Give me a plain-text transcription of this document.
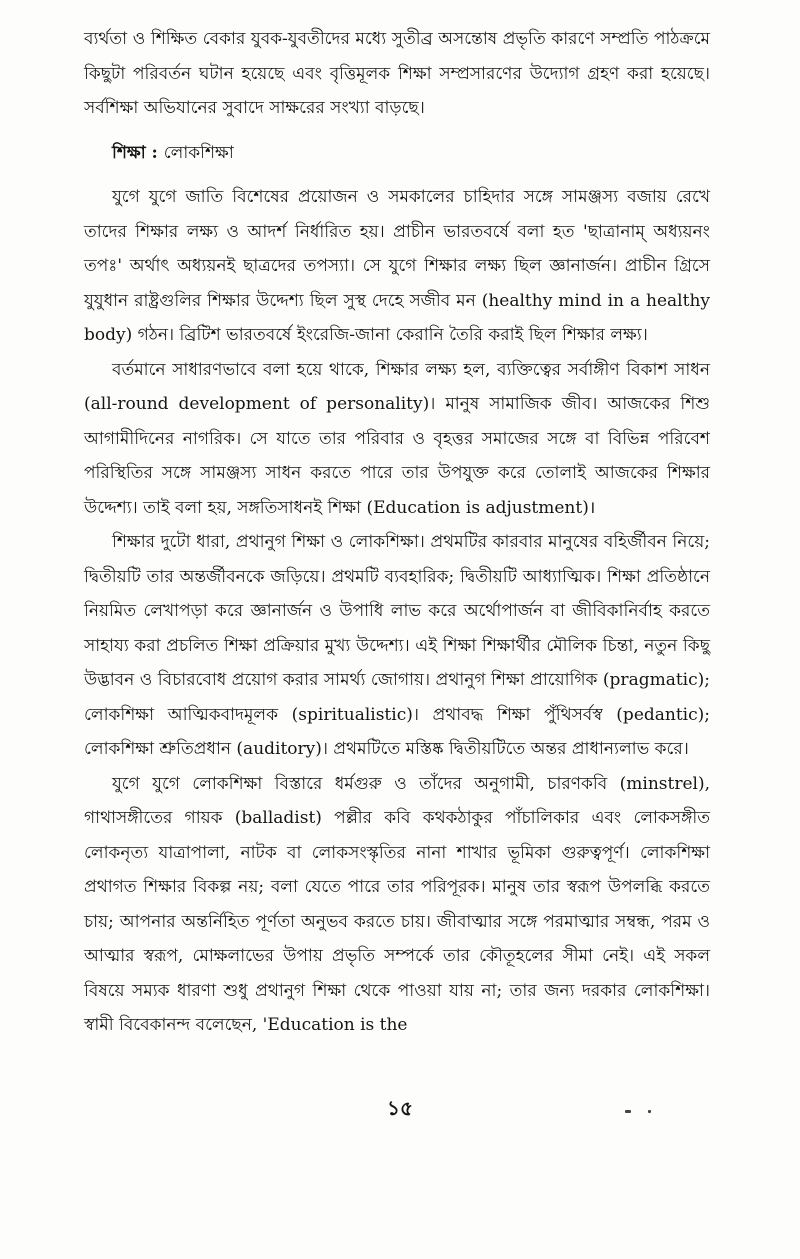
ব্যর্থতা ও শিক্ষিত বেকার যুবক-যুবতীদের মধ্যে সুতীব্র অসন্তোষ প্রভৃতি কারণে সম্প্রতি পাঠক্রমে কিছুটা পরিবর্তন ঘটান হয়েছে এবং বৃত্তিমূলক শিক্ষা সম্প্রসারণের উদ্যোগ গ্রহণ করা হয়েছে। সর্বশিক্ষা অভিযানের সুবাদে সাক্ষরের সংখ্যা বাড়ছে।

শিক্ষা : লোকশিক্ষা

যুগে যুগে জাতি বিশেষের প্রয়োজন ও সমকালের চাহিদার সঙ্গে সামঞ্জস্য বজায় রেখে তাদের শিক্ষার লক্ষ্য ও আদর্শ নির্ধারিত হয়। প্রাচীন ভারতবর্ষে বলা হত 'ছাত্রানাম্ অধ্যয়নং তপঃ' অর্থাৎ অধ্যয়নই ছাত্রদের তপস্যা। সে যুগে শিক্ষার লক্ষ্য ছিল জ্ঞানার্জন। প্রাচীন গ্রিসে যুযুধান রাষ্ট্রগুলির শিক্ষার উদ্দেশ্য ছিল সুস্থ দেহে সজীব মন (healthy mind in a healthy body) গঠন। ব্রিটিশ ভারতবর্ষে ইংরেজি-জানা কেরানি তৈরি করাই ছিল শিক্ষার লক্ষ্য।

বর্তমানে সাধারণভাবে বলা হয়ে থাকে, শিক্ষার লক্ষ্য হল, ব্যক্তিত্বের সর্বাঙ্গীণ বিকাশ সাধন (all-round development of personality)। মানুষ সামাজিক জীব। আজকের শিশু আগামীদিনের নাগরিক। সে যাতে তার পরিবার ও বৃহত্তর সমাজের সঙ্গে বা বিভিন্ন পরিবেশ পরিস্থিতির সঙ্গে সামঞ্জস্য সাধন করতে পারে তার উপযুক্ত করে তোলাই আজকের শিক্ষার উদ্দেশ্য। তাই বলা হয়, সঙ্গতিসাধনই শিক্ষা (Education is adjustment)।

শিক্ষার দুটো ধারা, প্রথানুগ শিক্ষা ও লোকশিক্ষা। প্রথমটির কারবার মানুষের বহির্জীবন নিয়ে; দ্বিতীয়টি তার অন্তর্জীবনকে জড়িয়ে। প্রথমটি ব্যবহারিক; দ্বিতীয়টি আধ্যাত্মিক। শিক্ষা প্রতিষ্ঠানে নিয়মিত লেখাপড়া করে জ্ঞানার্জন ও উপাধি লাভ করে অর্থোপার্জন বা জীবিকানির্বাহ করতে সাহায্য করা প্রচলিত শিক্ষা প্রক্রিয়ার মুখ্য উদ্দেশ্য। এই শিক্ষা শিক্ষার্থীর মৌলিক চিন্তা, নতুন কিছু উদ্ভাবন ও বিচারবোধ প্রয়োগ করার সামর্থ্য জোগায়। প্রথানুগ শিক্ষা প্রায়োগিক (pragmatic); লোকশিক্ষা আত্মিকবাদমূলক (spiritualistic)। প্রথাবদ্ধ শিক্ষা পুঁথিসর্বস্ব (pedantic); লোকশিক্ষা শ্রুতিপ্রধান (auditory)। প্রথমটিতে মস্তিষ্ক দ্বিতীয়টিতে অন্তর প্রাধান্যলাভ করে।

যুগে যুগে লোকশিক্ষা বিস্তারে ধর্মগুরু ও তাঁদের অনুগামী, চারণকবি (minstrel), গাথাসঙ্গীতের গায়ক (balladist) পল্লীর কবি কথকঠাকুর পাঁচালিকার এবং লোকসঙ্গীত লোকনৃত্য যাত্রাপালা, নাটক বা লোকসংস্কৃতির নানা শাখার ভূমিকা গুরুত্বপূর্ণ। লোকশিক্ষা প্রথাগত শিক্ষার বিকল্প নয়; বলা যেতে পারে তার পরিপূরক। মানুষ তার স্বরূপ উপলব্ধি করতে চায়; আপনার অন্তর্নিহিত পূর্ণতা অনুভব করতে চায়। জীবাত্মার সঙ্গে পরমাত্মার সম্বন্ধ, পরম ও আত্মার স্বরূপ, মোক্ষলাভের উপায় প্রভৃতি সম্পর্কে তার কৌতূহলের সীমা নেই। এই সকল বিষয়ে সম্যক ধারণা শুধু প্রথানুগ শিক্ষা থেকে পাওয়া যায় না; তার জন্য দরকার লোকশিক্ষা। স্বামী বিবেকানন্দ বলেছেন, 'Education is the

১৫
